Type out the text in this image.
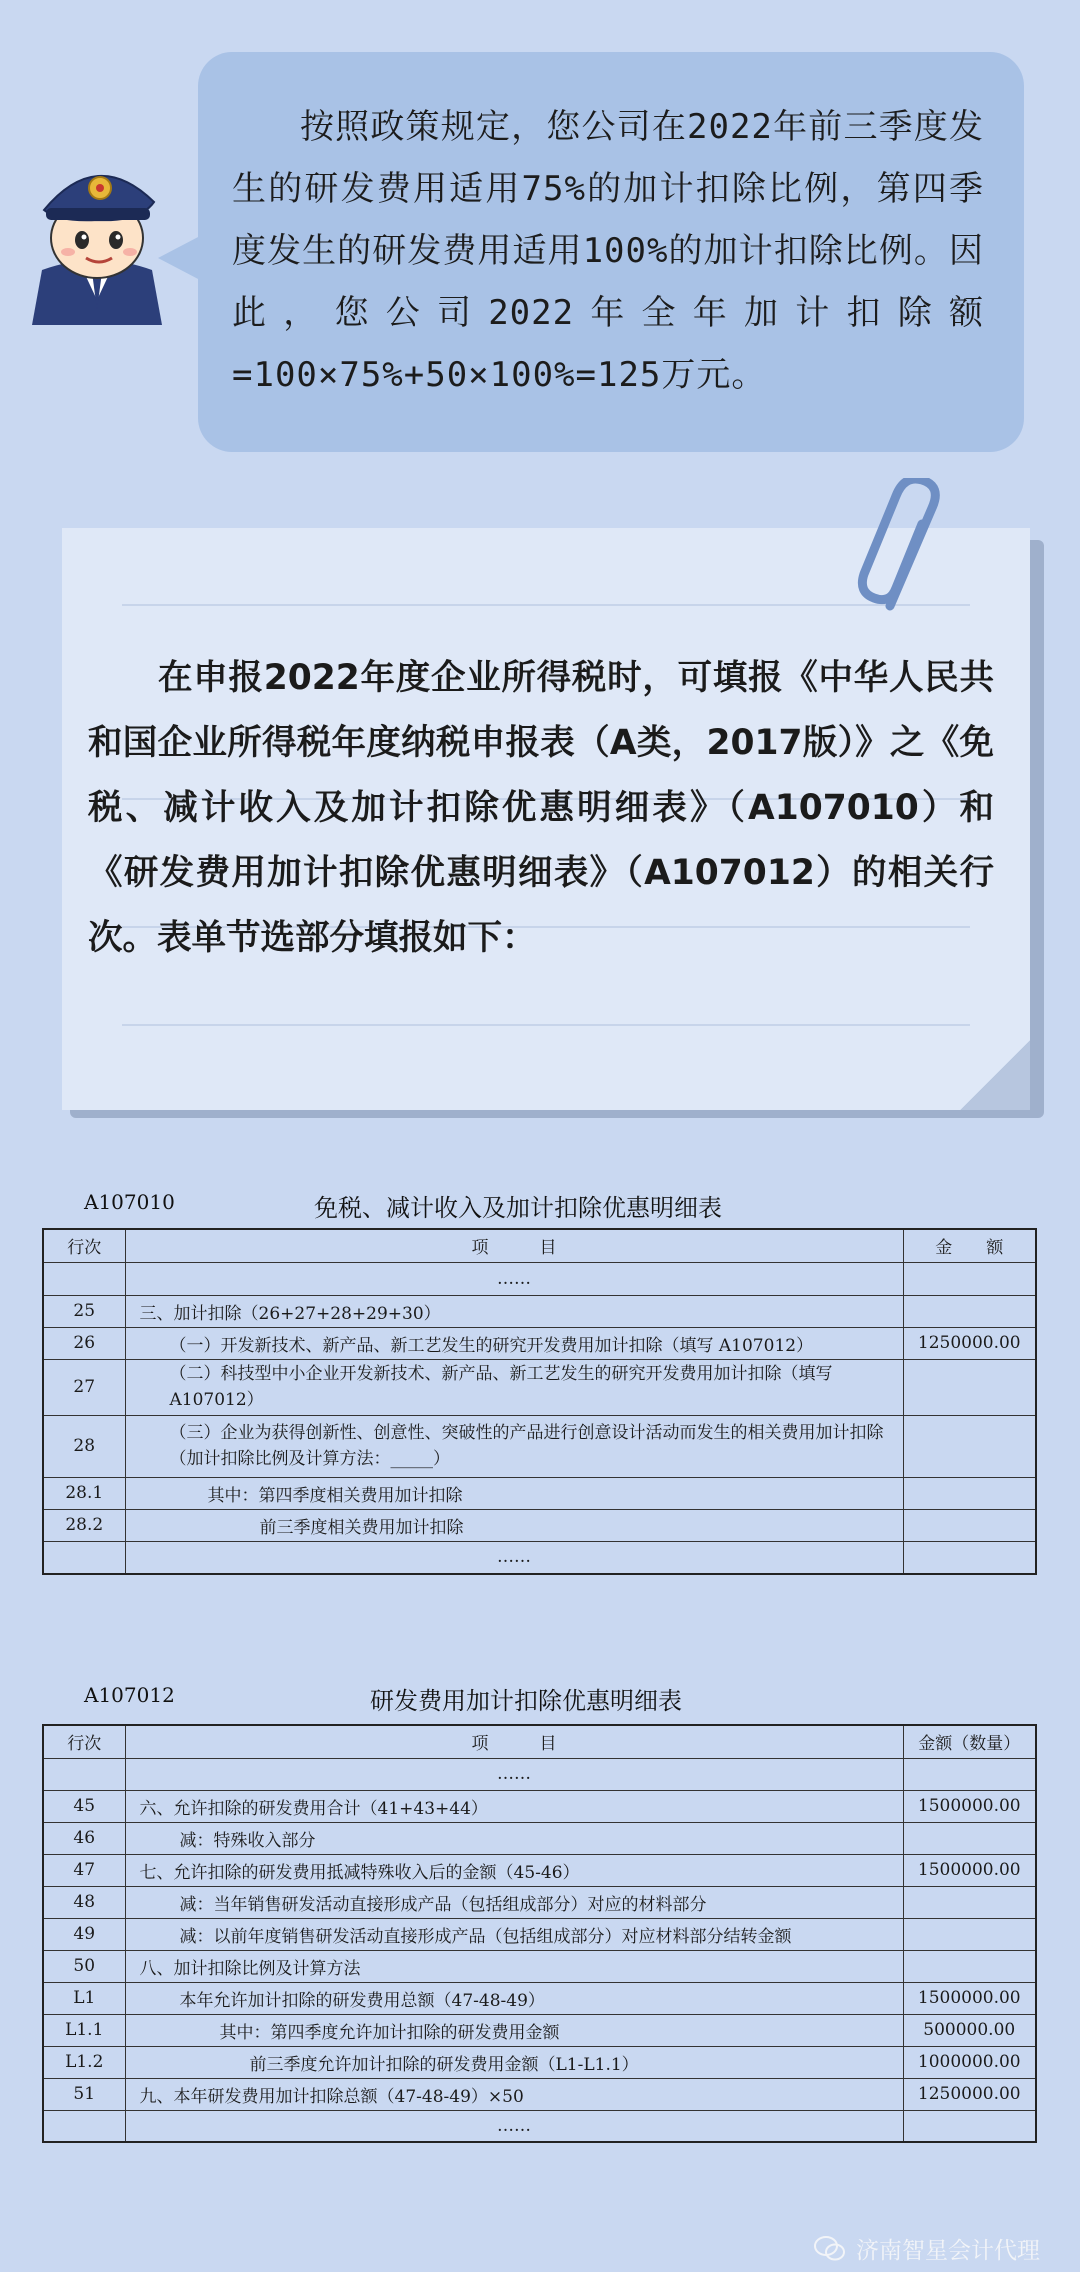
按照政策规定，您公司在2022年前三季度发生的研发费用适用75%的加计扣除比例，第四季度发生的研发费用适用100%的加计扣除比例。因此，您公司2022年全年加计扣除额=100×75%+50×100%=125万元。

在申报2022年度企业所得税时，可填报《中华人民共和国企业所得税年度纳税申报表（A类，2017版）》之《免税、减计收入及加计扣除优惠明细表》（A107010）和《研发费用加计扣除优惠明细表》（A107012）的相关行次。表单节选部分填报如下：

A107010	免税、减计收入及加计扣除优惠明细表
行次	项　　　目	金　　额
	……	
25	三、加计扣除（26+27+28+29+30）	
26	（一）开发新技术、新产品、新工艺发生的研究开发费用加计扣除（填写 A107012）	1250000.00
27	（二）科技型中小企业开发新技术、新产品、新工艺发生的研究开发费用加计扣除（填写 A107012）	
28	（三）企业为获得创新性、创意性、突破性的产品进行创意设计活动而发生的相关费用加计扣除（加计扣除比例及计算方法：_____）	
28.1	其中：第四季度相关费用加计扣除	
28.2	前三季度相关费用加计扣除	
	……	
A107012	研发费用加计扣除优惠明细表
行次	项　　　目	金额（数量）
	……	
45	六、允许扣除的研发费用合计（41+43+44）	1500000.00
46	减：特殊收入部分	
47	七、允许扣除的研发费用抵减特殊收入后的金额（45-46）	1500000.00
48	减：当年销售研发活动直接形成产品（包括组成部分）对应的材料部分	
49	减：以前年度销售研发活动直接形成产品（包括组成部分）对应材料部分结转金额	
50	八、加计扣除比例及计算方法	
L1	本年允许加计扣除的研发费用总额（47-48-49）	1500000.00
L1.1	其中：第四季度允许加计扣除的研发费用金额	500000.00
L1.2	前三季度允许加计扣除的研发费用金额（L1-L1.1）	1000000.00
51	九、本年研发费用加计扣除总额（47-48-49）×50	1250000.00
	……	
济南智星会计代理
